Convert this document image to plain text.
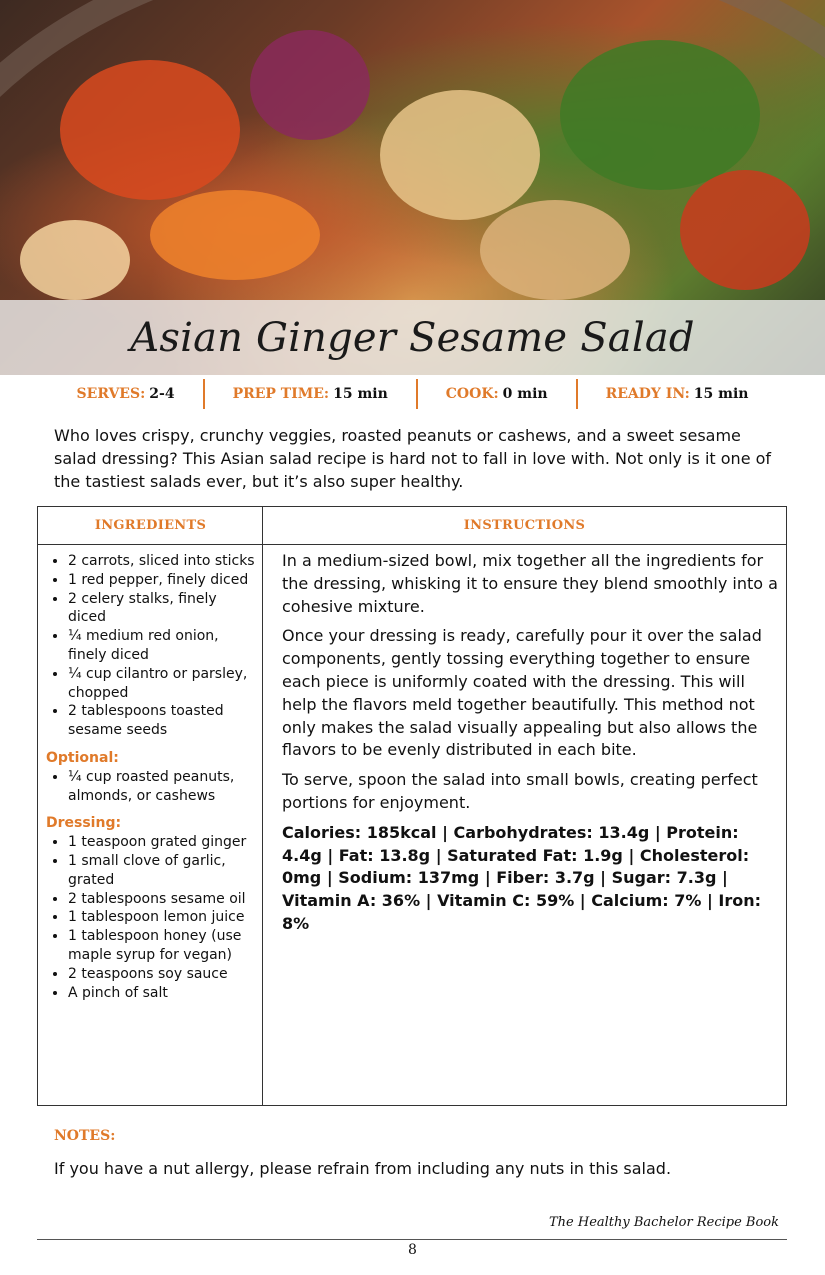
Asian Ginger Sesame Salad
SERVES: 2-4	PREP TIME: 15 min	COOK: 0 min	READY IN: 15 min
Who loves crispy, crunchy veggies, roasted peanuts or cashews, and a sweet sesame salad dressing? This Asian salad recipe is hard not to fall in love with. Not only is it one of the tastiest salads ever, but it’s also super healthy.
INGREDIENTS	INSTRUCTIONS
• 2 carrots, sliced into sticks
• 1 red pepper, finely diced
• 2 celery stalks, finely diced
• ¼ medium red onion, finely diced
• ¼ cup cilantro or parsley, chopped
• 2 tablespoons toasted sesame seeds
Optional:
• ¼ cup roasted peanuts, almonds, or cashews
Dressing:
• 1 teaspoon grated ginger
• 1 small clove of garlic, grated
• 2 tablespoons sesame oil
• 1 tablespoon lemon juice
• 1 tablespoon honey (use maple syrup for vegan)
• 2 teaspoons soy sauce
• A pinch of salt

In a medium-sized bowl, mix together all the ingredients for the dressing, whisking it to ensure they blend smoothly into a cohesive mixture.

Once your dressing is ready, carefully pour it over the salad components, gently tossing everything together to ensure each piece is uniformly coated with the dressing. This will help the flavors meld together beautifully. This method not only makes the salad visually appealing but also allows the flavors to be evenly distributed in each bite.

To serve, spoon the salad into small bowls, creating perfect portions for enjoyment.

Calories: 185kcal | Carbohydrates: 13.4g | Protein: 4.4g | Fat: 13.8g | Saturated Fat: 1.9g | Cholesterol: 0mg | Sodium: 137mg | Fiber: 3.7g | Sugar: 7.3g | Vitamin A: 36% | Vitamin C: 59% | Calcium: 7% | Iron: 8%

NOTES:
If you have a nut allergy, please refrain from including any nuts in this salad.
The Healthy Bachelor Recipe Book
8
